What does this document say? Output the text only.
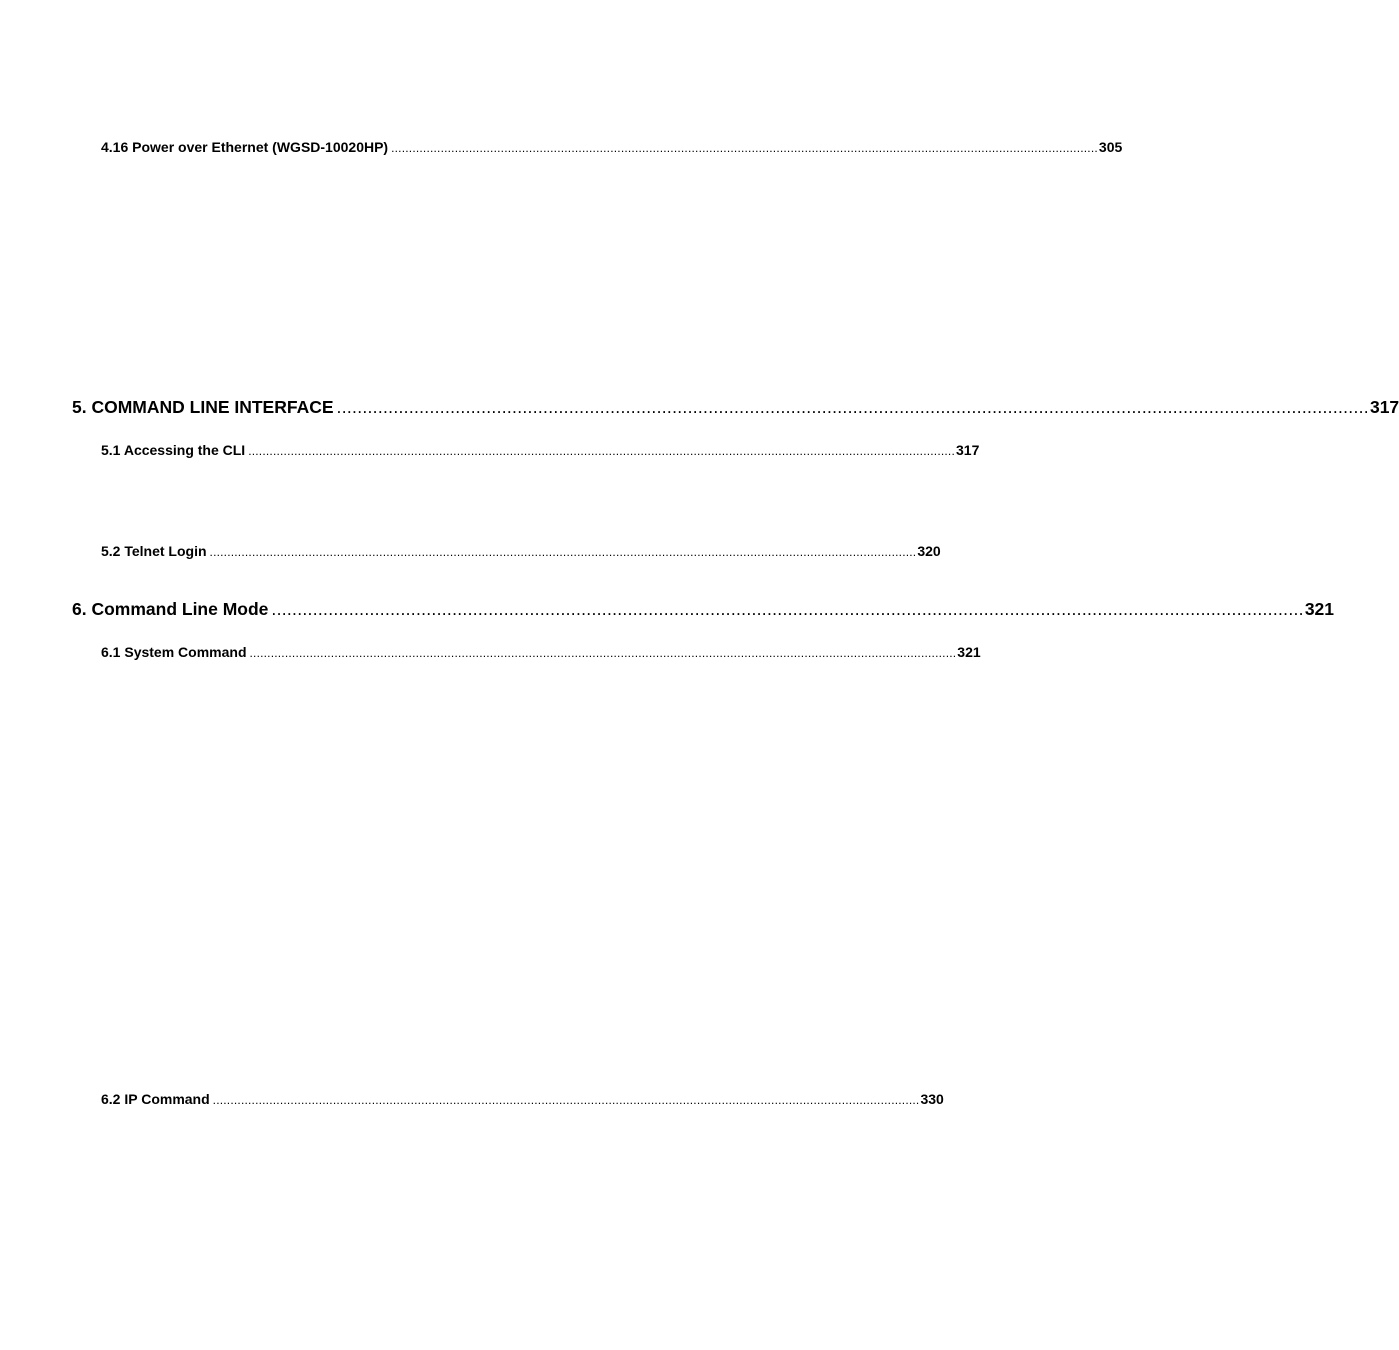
4.16 Power over Ethernet (WGSD-10020HP) ........................................................................................................................................................................................................ 305
5. COMMAND LINE INTERFACE ........................................................................................................................................................................................................ 317
5.1 Accessing the CLI ........................................................................................................................................................................................................ 317
5.2 Telnet Login ........................................................................................................................................................................................................ 320
6. Command Line Mode ........................................................................................................................................................................................................ 321
6.1 System Command ........................................................................................................................................................................................................ 321
6.2 IP Command ........................................................................................................................................................................................................ 330
